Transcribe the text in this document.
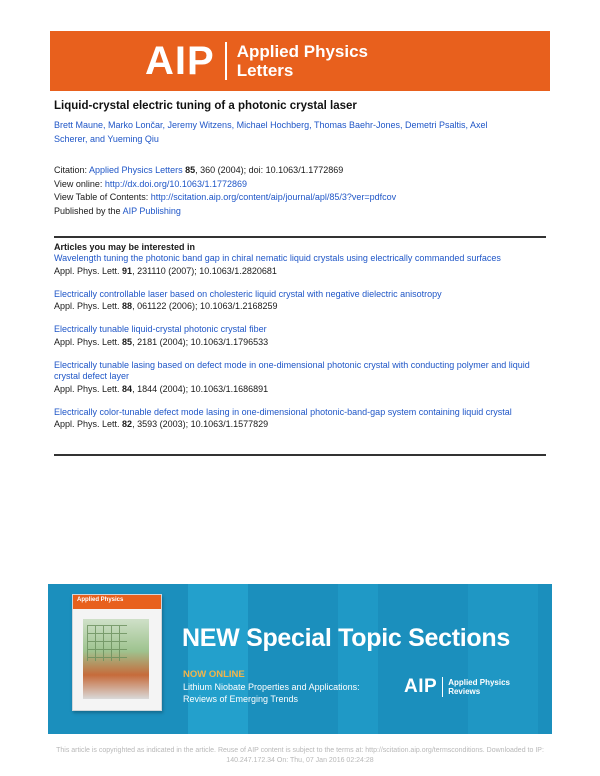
AIP Applied Physics
Letters
Liquid-crystal electric tuning of a photonic crystal laser
Brett Maune, Marko Lončar, Jeremy Witzens, Michael Hochberg, Thomas Baehr-Jones, Demetri Psaltis, Axel
Scherer, and Yueming Qiu
Citation: Applied Physics Letters 85, 360 (2004); doi: 10.1063/1.1772869
View online: http://dx.doi.org/10.1063/1.1772869
View Table of Contents: http://scitation.aip.org/content/aip/journal/apl/85/3?ver=pdfcov
Published by the AIP Publishing
Articles you may be interested in
Wavelength tuning the photonic band gap in chiral nematic liquid crystals using electrically commanded surfaces
Appl. Phys. Lett. 91, 231110 (2007); 10.1063/1.2820681
Electrically controllable laser based on cholesteric liquid crystal with negative dielectric anisotropy
Appl. Phys. Lett. 88, 061122 (2006); 10.1063/1.2168259
Electrically tunable liquid-crystal photonic crystal fiber
Appl. Phys. Lett. 85, 2181 (2004); 10.1063/1.1796533
Electrically tunable lasing based on defect mode in one-dimensional photonic crystal with conducting polymer and liquid crystal defect layer
Appl. Phys. Lett. 84, 1844 (2004); 10.1063/1.1686891
Electrically color-tunable defect mode lasing in one-dimensional photonic-band-gap system containing liquid crystal
Appl. Phys. Lett. 82, 3593 (2003); 10.1063/1.1577829
Applied Physics
NEW Special Topic Sections
NOW ONLINE
Lithium Niobate Properties and Applications:
Reviews of Emerging Trends
AIP Applied Physics
Reviews
This article is copyrighted as indicated in the article. Reuse of AIP content is subject to the terms at: http://scitation.aip.org/termsconditions. Downloaded to IP:
140.247.172.34 On: Thu, 07 Jan 2016 02:24:28
